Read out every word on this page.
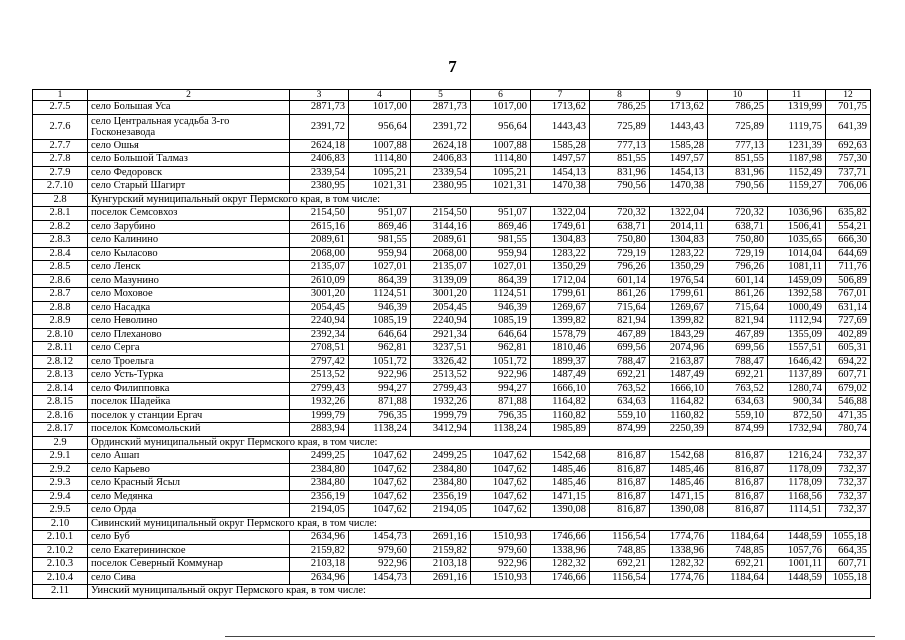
7
1	2	3	4	5	6	7	8	9	10	11	12
2.7.5	село Большая Уса	2871,73	1017,00	2871,73	1017,00	1713,62	786,25	1713,62	786,25	1319,99	701,75
2.7.6	село Центральная усадьба 3-го Госконезавода	2391,72	956,64	2391,72	956,64	1443,43	725,89	1443,43	725,89	1119,75	641,39
2.7.7	село Ошья	2624,18	1007,88	2624,18	1007,88	1585,28	777,13	1585,28	777,13	1231,39	692,63
2.7.8	село Большой Талмаз	2406,83	1114,80	2406,83	1114,80	1497,57	851,55	1497,57	851,55	1187,98	757,30
2.7.9	село Федоровск	2339,54	1095,21	2339,54	1095,21	1454,13	831,96	1454,13	831,96	1152,49	737,71
2.7.10	село Старый Шагирт	2380,95	1021,31	2380,95	1021,31	1470,38	790,56	1470,38	790,56	1159,27	706,06
2.8	Кунгурский муниципальный округ Пермского края, в том числе:										
2.8.1	поселок Семсовхоз	2154,50	951,07	2154,50	951,07	1322,04	720,32	1322,04	720,32	1036,96	635,82
2.8.2	село Зарубино	2615,16	869,46	3144,16	869,46	1749,61	638,71	2014,11	638,71	1506,41	554,21
2.8.3	село Калинино	2089,61	981,55	2089,61	981,55	1304,83	750,80	1304,83	750,80	1035,65	666,30
2.8.4	село Кыласово	2068,00	959,94	2068,00	959,94	1283,22	729,19	1283,22	729,19	1014,04	644,69
2.8.5	село Ленск	2135,07	1027,01	2135,07	1027,01	1350,29	796,26	1350,29	796,26	1081,11	711,76
2.8.6	село Мазунино	2610,09	864,39	3139,09	864,39	1712,04	601,14	1976,54	601,14	1459,09	506,89
2.8.7	село Моховое	3001,20	1124,51	3001,20	1124,51	1799,61	861,26	1799,61	861,26	1392,58	767,01
2.8.8	село Насадка	2054,45	946,39	2054,45	946,39	1269,67	715,64	1269,67	715,64	1000,49	631,14
2.8.9	село Неволино	2240,94	1085,19	2240,94	1085,19	1399,82	821,94	1399,82	821,94	1112,94	727,69
2.8.10	село Плеханово	2392,34	646,64	2921,34	646,64	1578,79	467,89	1843,29	467,89	1355,09	402,89
2.8.11	село Серга	2708,51	962,81	3237,51	962,81	1810,46	699,56	2074,96	699,56	1557,51	605,31
2.8.12	село Троельга	2797,42	1051,72	3326,42	1051,72	1899,37	788,47	2163,87	788,47	1646,42	694,22
2.8.13	село Усть-Турка	2513,52	922,96	2513,52	922,96	1487,49	692,21	1487,49	692,21	1137,89	607,71
2.8.14	село Филипповка	2799,43	994,27	2799,43	994,27	1666,10	763,52	1666,10	763,52	1280,74	679,02
2.8.15	поселок Шадейка	1932,26	871,88	1932,26	871,88	1164,82	634,63	1164,82	634,63	900,34	546,88
2.8.16	поселок у станции Ергач	1999,79	796,35	1999,79	796,35	1160,82	559,10	1160,82	559,10	872,50	471,35
2.8.17	поселок Комсомольский	2883,94	1138,24	3412,94	1138,24	1985,89	874,99	2250,39	874,99	1732,94	780,74
2.9	Ординский муниципальный округ Пермского края, в том числе:										
2.9.1	село Ашап	2499,25	1047,62	2499,25	1047,62	1542,68	816,87	1542,68	816,87	1216,24	732,37
2.9.2	село Карьево	2384,80	1047,62	2384,80	1047,62	1485,46	816,87	1485,46	816,87	1178,09	732,37
2.9.3	село Красный Ясыл	2384,80	1047,62	2384,80	1047,62	1485,46	816,87	1485,46	816,87	1178,09	732,37
2.9.4	село Медянка	2356,19	1047,62	2356,19	1047,62	1471,15	816,87	1471,15	816,87	1168,56	732,37
2.9.5	село Орда	2194,05	1047,62	2194,05	1047,62	1390,08	816,87	1390,08	816,87	1114,51	732,37
2.10	Сивинский муниципальный округ Пермского края, в том числе:										
2.10.1	село Буб	2634,96	1454,73	2691,16	1510,93	1746,66	1156,54	1774,76	1184,64	1448,59	1055,18
2.10.2	село Екатерининское	2159,82	979,60	2159,82	979,60	1338,96	748,85	1338,96	748,85	1057,76	664,35
2.10.3	поселок Северный Коммунар	2103,18	922,96	2103,18	922,96	1282,32	692,21	1282,32	692,21	1001,11	607,71
2.10.4	село Сива	2634,96	1454,73	2691,16	1510,93	1746,66	1156,54	1774,76	1184,64	1448,59	1055,18
2.11	Уинский муниципальный округ Пермского края, в том числе:										
